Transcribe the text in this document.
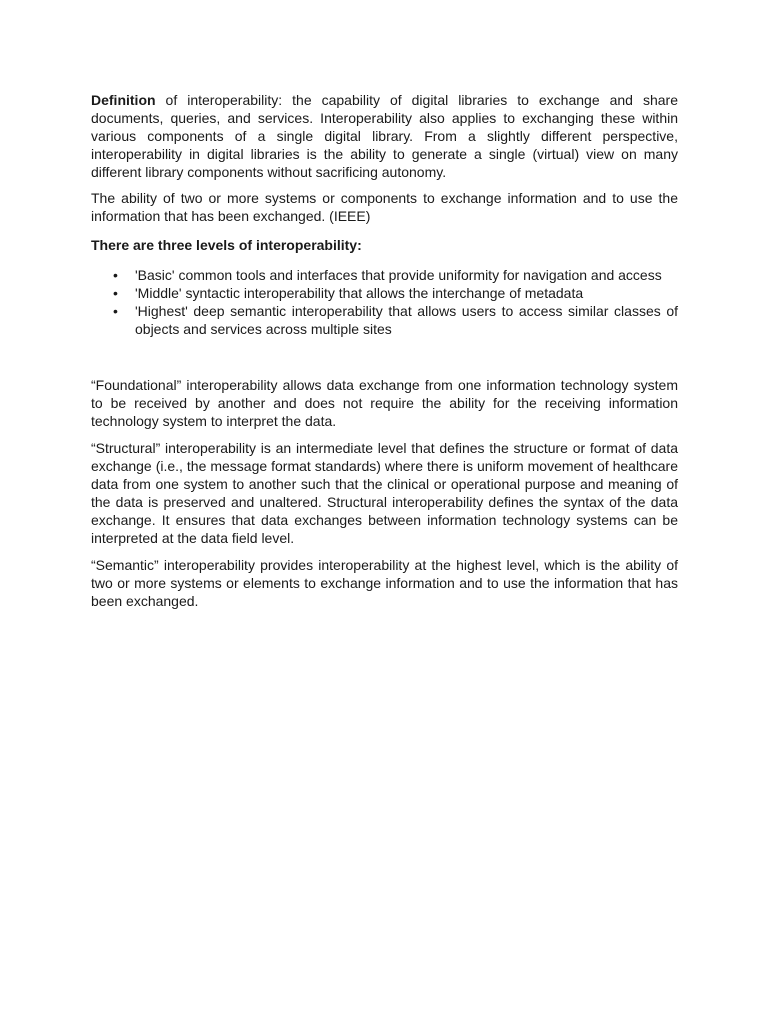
Definition of interoperability: the capability of digital libraries to exchange and share documents, queries, and services. Interoperability also applies to exchanging these within various components of a single digital library. From a slightly different perspective, interoperability in digital libraries is the ability to generate a single (virtual) view on many different library components without sacrificing autonomy.

The ability of two or more systems or components to exchange information and to use the information that has been exchanged. (IEEE)

There are three levels of interoperability:
• 'Basic' common tools and interfaces that provide uniformity for navigation and access
• 'Middle' syntactic interoperability that allows the interchange of metadata
• 'Highest' deep semantic interoperability that allows users to access similar classes of objects and services across multiple sites

“Foundational” interoperability allows data exchange from one information technology system to be received by another and does not require the ability for the receiving information technology system to interpret the data.

“Structural” interoperability is an intermediate level that defines the structure or format of data exchange (i.e., the message format standards) where there is uniform movement of healthcare data from one system to another such that the clinical or operational purpose and meaning of the data is preserved and unaltered. Structural interoperability defines the syntax of the data exchange. It ensures that data exchanges between information technology systems can be interpreted at the data field level.

“Semantic” interoperability provides interoperability at the highest level, which is the ability of two or more systems or elements to exchange information and to use the information that has been exchanged.
